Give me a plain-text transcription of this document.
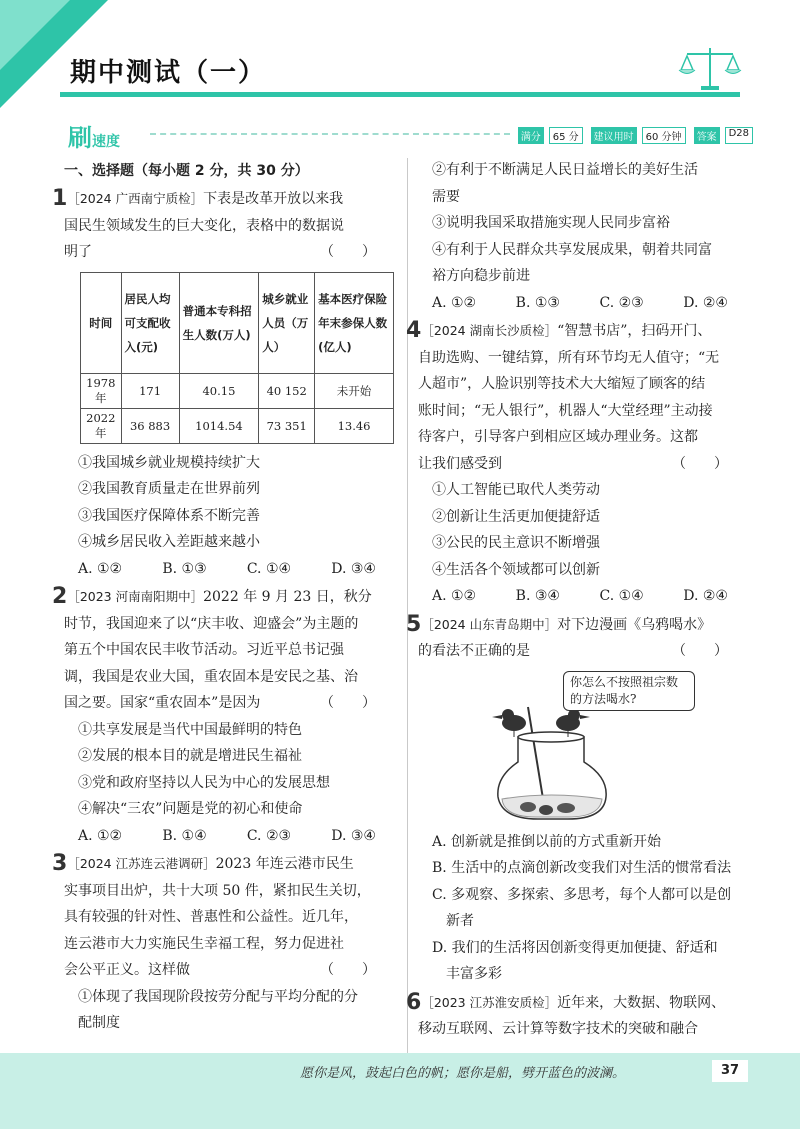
期中测试（一）
刷速度	满分	65 分	建议用时	60 分钟	答案	D28

一、选择题（每小题 2 分，共 30 分）

1［2024 广西南宁质检］下表是改革开放以来我

国民生领域发生的巨大变化，表格中的数据说

明了	（　　）

时间	居民人均可支配收入(元)	普通本专科招生人数(万人)	城乡就业人员（万人）	基本医疗保险年末参保人数(亿人)
1978 年	171	40.15	40 152	未开始
2022 年	36 883	1014.54	73 351	13.46

①我国城乡就业规模持续扩大

②我国教育质量走在世界前列

③我国医疗保障体系不断完善

④城乡居民收入差距越来越小

A. ①②	B. ①③	C. ①④	D. ③④

2［2023 河南南阳期中］2022 年 9 月 23 日，秋分

时节，我国迎来了以“庆丰收、迎盛会”为主题的

第五个中国农民丰收节活动。习近平总书记强

调，我国是农业大国，重农固本是安民之基、治

国之要。国家“重农固本”是因为	（　　）

①共享发展是当代中国最鲜明的特色

②发展的根本目的就是增进民生福祉

③党和政府坚持以人民为中心的发展思想

④解决“三农”问题是党的初心和使命

A. ①②	B. ①④	C. ②③	D. ③④

3［2024 江苏连云港调研］2023 年连云港市民生

实事项目出炉，共十大项 50 件，紧扣民生关切，

具有较强的针对性、普惠性和公益性。近几年，

连云港市大力实施民生幸福工程，努力促进社

会公平正义。这样做	（　　）

①体现了我国现阶段按劳分配与平均分配的分

配制度

②有利于不断满足人民日益增长的美好生活

需要

③说明我国采取措施实现人民同步富裕

④有利于人民群众共享发展成果，朝着共同富

裕方向稳步前进

A. ①②	B. ①③	C. ②③	D. ②④

4［2024 湖南长沙质检］“智慧书店”，扫码开门、

自助选购、一键结算，所有环节均无人值守；“无

人超市”，人脸识别等技术大大缩短了顾客的结

账时间；“无人银行”，机器人“大堂经理”主动接

待客户，引导客户到相应区域办理业务。这都

让我们感受到	（　　）

①人工智能已取代人类劳动

②创新让生活更加便捷舒适

③公民的民主意识不断增强

④生活各个领域都可以创新

A. ①②	B. ③④	C. ①④	D. ②④

5［2024 山东青岛期中］对下边漫画《乌鸦喝水》

的看法不正确的是	（　　）

你怎么不按照祖宗数的方法喝水?

A. 创新就是推倒以前的方式重新开始

B. 生活中的点滴创新改变我们对生活的惯常看法

C. 多观察、多探索、多思考，每个人都可以是创

新者

D. 我们的生活将因创新变得更加便捷、舒适和

丰富多彩

6［2023 江苏淮安质检］近年来，大数据、物联网、

移动互联网、云计算等数字技术的突破和融合

愿你是风，鼓起白色的帆；愿你是船，劈开蓝色的波澜。	37
